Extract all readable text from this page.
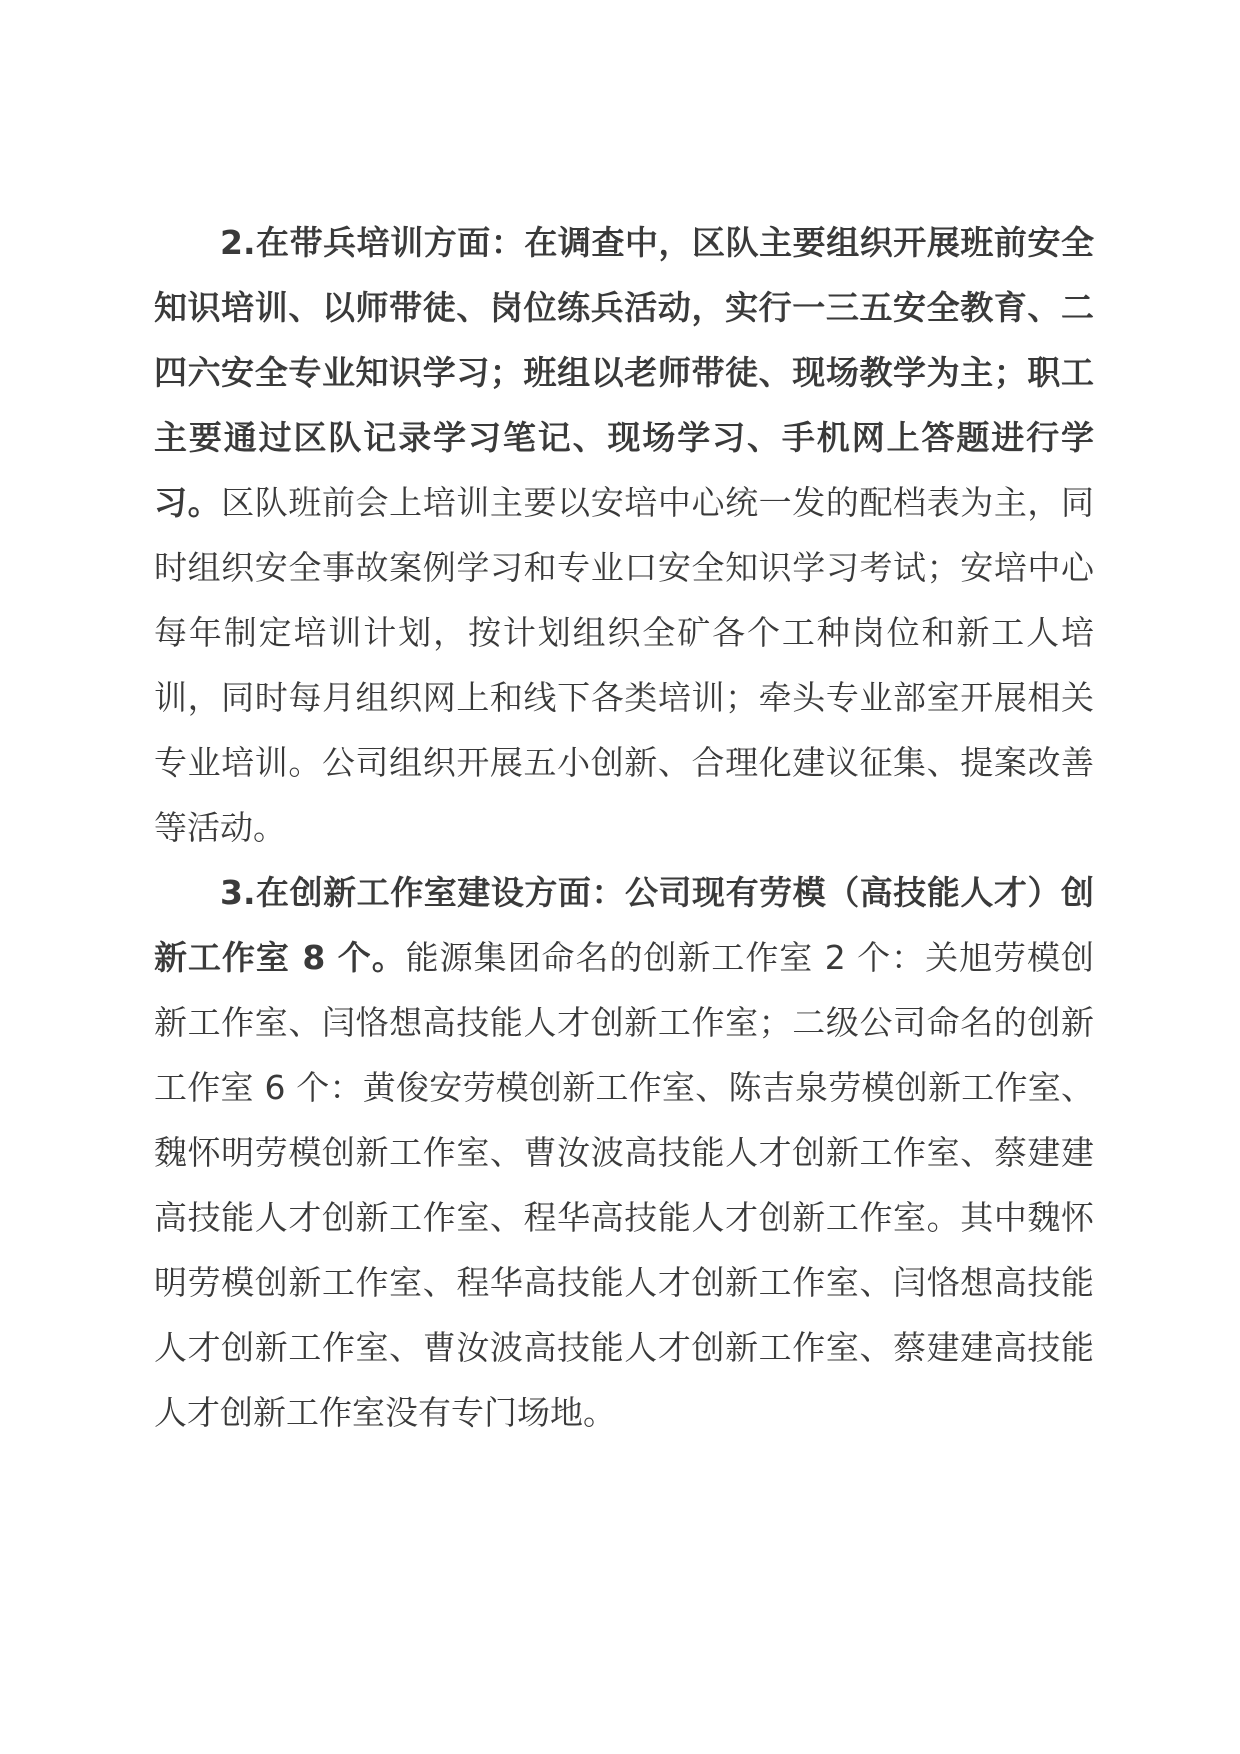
2.在带兵培训方面：在调查中，区队主要组织开展班前安全知识培训、以师带徒、岗位练兵活动，实行一三五安全教育、二四六安全专业知识学习；班组以老师带徒、现场教学为主；职工主要通过区队记录学习笔记、现场学习、手机网上答题进行学习。区队班前会上培训主要以安培中心统一发的配档表为主，同时组织安全事故案例学习和专业口安全知识学习考试；安培中心每年制定培训计划，按计划组织全矿各个工种岗位和新工人培训，同时每月组织网上和线下各类培训；牵头专业部室开展相关专业培训。公司组织开展五小创新、合理化建议征集、提案改善等活动。

3.在创新工作室建设方面：公司现有劳模（高技能人才）创新工作室 8 个。能源集团命名的创新工作室 2 个：关旭劳模创新工作室、闫恪想高技能人才创新工作室；二级公司命名的创新工作室 6 个：黄俊安劳模创新工作室、陈吉泉劳模创新工作室、魏怀明劳模创新工作室、曹汝波高技能人才创新工作室、蔡建建高技能人才创新工作室、程华高技能人才创新工作室。其中魏怀明劳模创新工作室、程华高技能人才创新工作室、闫恪想高技能人才创新工作室、曹汝波高技能人才创新工作室、蔡建建高技能人才创新工作室没有专门场地。
